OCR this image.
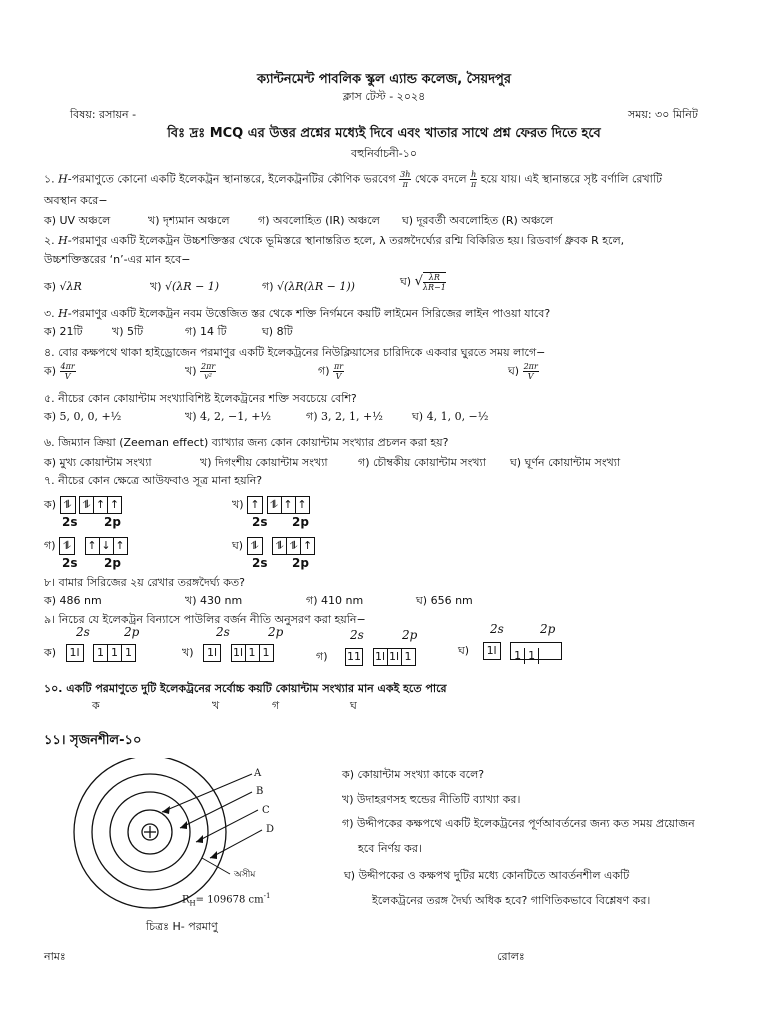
ক্যান্টনমেন্ট পাবলিক স্কুল এ্যান্ড কলেজ, সৈয়দপুর
ক্লাস টেস্ট - ২০২৪
বিষয়: রসায়ন -	সময়: ৩০ মিনিট
বিঃ দ্রঃ MCQ এর উত্তর প্রশ্নের মধ্যেই দিবে এবং খাতার সাথে প্রশ্ন ফেরত দিতে হবে
বহুনির্বাচনী-১০
১. H-পরমাণুতে কোনো একটি ইলেকট্রন স্থানান্তরে, ইলেকট্রনটির কৌণিক ভরবেগ $\frac{3h}{\pi}$ থেকে বদলে $\frac{h}{\pi}$ হয়ে যায়। এই স্থানান্তরে সৃষ্ট বর্ণালি রেখাটি
অবস্থান করে−
ক) UV অঞ্চলে	খ) দৃশ্যমান অঞ্চলে	গ) অবলোহিত (IR) অঞ্চলে ঘ) দূরবর্তী অবলোহিত (R) অঞ্চলে
২. H-পরমাণুর একটি ইলেকট্রন উচ্চশক্তিস্তর থেকে ভূমিস্তরে স্থানান্তরিত হলে, λ তরঙ্গদৈর্ঘ্যের রশ্মি বিকিরিত হয়। রিডবার্গ ধ্রুবক R হলে,
উচ্চশক্তিস্তরের ‘n’-এর মান হবে−
ক) √λR	খ) √(λR − 1)	গ) √(λR(λR − 1))	ঘ) √ $\frac{\lambda R}{\lambda R-1}$
৩. H-পরমাণুর একটি ইলেকট্রন নবম উত্তেজিত স্তর থেকে শক্তি নির্গমনে কয়টি লাইমেন সিরিজের লাইন পাওয়া যাবে?
ক) 21টি	খ) 5টি	গ) 14 টি	ঘ) 8টি
৪. বোর কক্ষপথে থাকা হাইড্রোজেন পরমাণুর একটি ইলেকট্রনের নিউক্লিয়াসের চারিদিকে একবার ঘুরতে সময় লাগে−
ক) $\frac{4\pi r}{V}$	খ) $\frac{2\pi r}{\text{v²}}$	গ) $\frac{\pi r}{V}$	ঘ) $\frac{2\pi r}{V}$
৫. নীচের কোন কোয়ান্টাম সংখ্যাবিশিষ্ট ইলেকট্রনের শক্তি সবচেয়ে বেশি?
ক) 5, 0, 0, +½	খ) 4, 2, −1, +½	গ) 3, 2, 1, +½	ঘ) 4, 1, 0, −½
৬. জিম্যান ক্রিয়া (Zeeman effect) ব্যাখ্যার জন্য কোন কোয়ান্টাম সংখ্যার প্রচলন করা হয়?
ক) মুখ্য কোয়ান্টাম সংখ্যা	খ) দিগংশীয় কোয়ান্টাম সংখ্যা	গ) চৌম্বকীয় কোয়ান্টাম সংখ্যা ঘ) ঘূর্ণন কোয়ান্টাম সংখ্যা
৭. নীচের কোন ক্ষেত্রে আউফবাও সূত্র মানা হয়নি?
ক) ⥮ ⥮ ↑ ↑
2s 2p
খ) ↑ ⥮ ↑ ↑
2s 2p
গ) ⥮ ↑ ↓ ↑
2s 2p
ঘ) ⥮ ⥮ ⥮ ↑
2s 2p
৮। বামার সিরিজের ২য় রেখার তরঙ্গদৈর্ঘ্য কত?
ক) 486 nm	খ) 430 nm	গ) 410 nm	ঘ) 656 nm
৯। নিচের যে ইলেকট্রন বিন্যাসে পাউলির বর্জন নীতি অনুসরণ করা হয়নি−
2s	2p
ক) 1l 1 1 1
2s	2p
খ) 1l 1l 1 1
2s	2p
গ) 11 1l 1l 1
2s	2p
ঘ) 1l 1 1
১০. একটি পরমাণুতে দুটি ইলেকট্রনের সর্বোচ্চ কয়টি কোয়ান্টাম সংখ্যার মান একই হতে পারে
ক	খ	গ	ঘ
১১। সৃজনশীল-১০
A
B
C
D
অসীম
$R_H= 109678$ $cm^{-1}$
চিত্রঃ H- পরমাণু
ক) কোয়ান্টাম সংখ্যা কাকে বলে?
খ) উদাহরণসহ হুন্ডের নীতিটি ব্যাখ্যা কর।
গ) উদ্দীপকের কক্ষপথে একটি ইলেকট্রনের পূর্ণআবর্তনের জন্য কত সময় প্রয়োজন
হবে নির্ণয় কর।
ঘ) উদ্দীপকের ও কক্ষপথ দুটির মধ্যে কোনটিতে আবর্তনশীল একটি
ইলেকট্রনের তরঙ্গ দৈর্ঘ্য অধিক হবে? গাণিতিকভাবে বিশ্লেষণ কর।
নামঃ	রোলঃ
